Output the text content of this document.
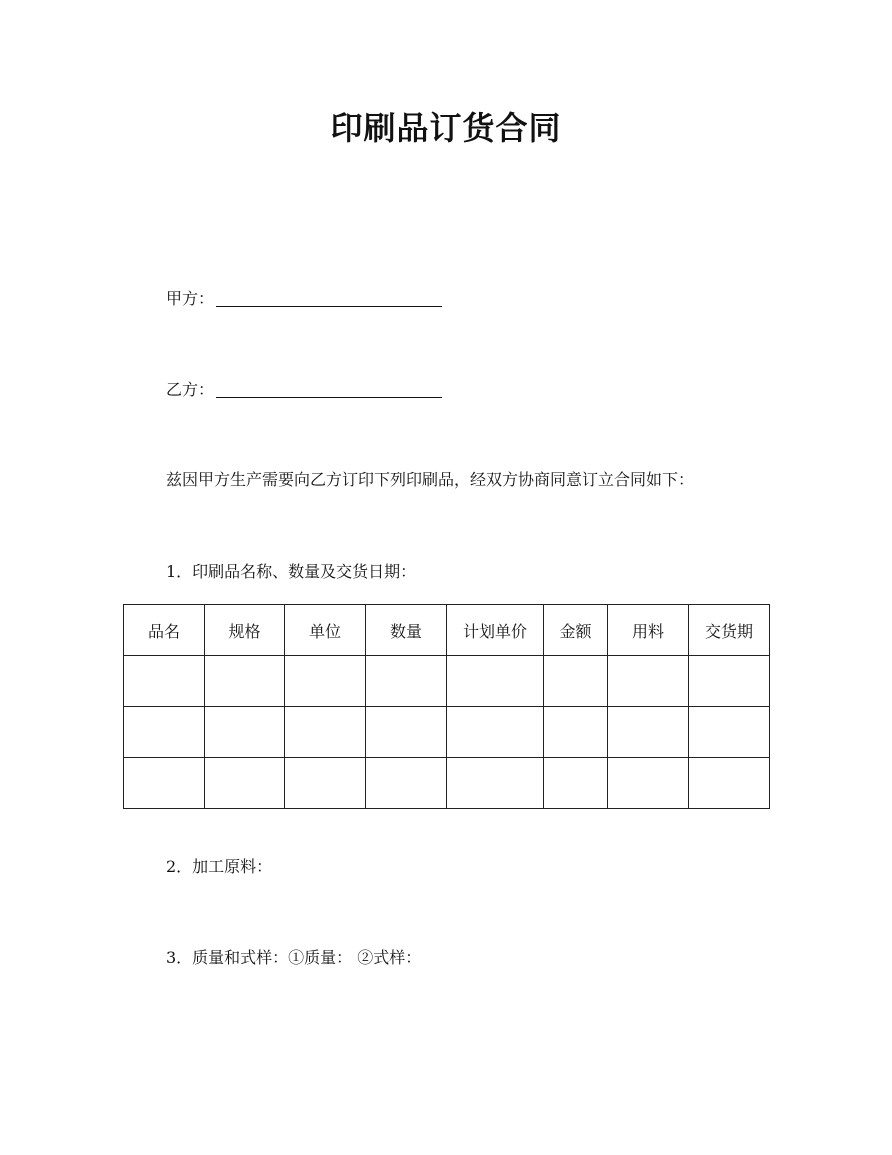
印刷品订货合同
甲方：
乙方：
兹因甲方生产需要向乙方订印下列印刷品，经双方协商同意订立合同如下：
1．印刷品名称、数量及交货日期：
品名	规格	单位	数量	计划单价	金额	用料	交货期

2．加工原料：
3．质量和式样：①质量： ②式样：
